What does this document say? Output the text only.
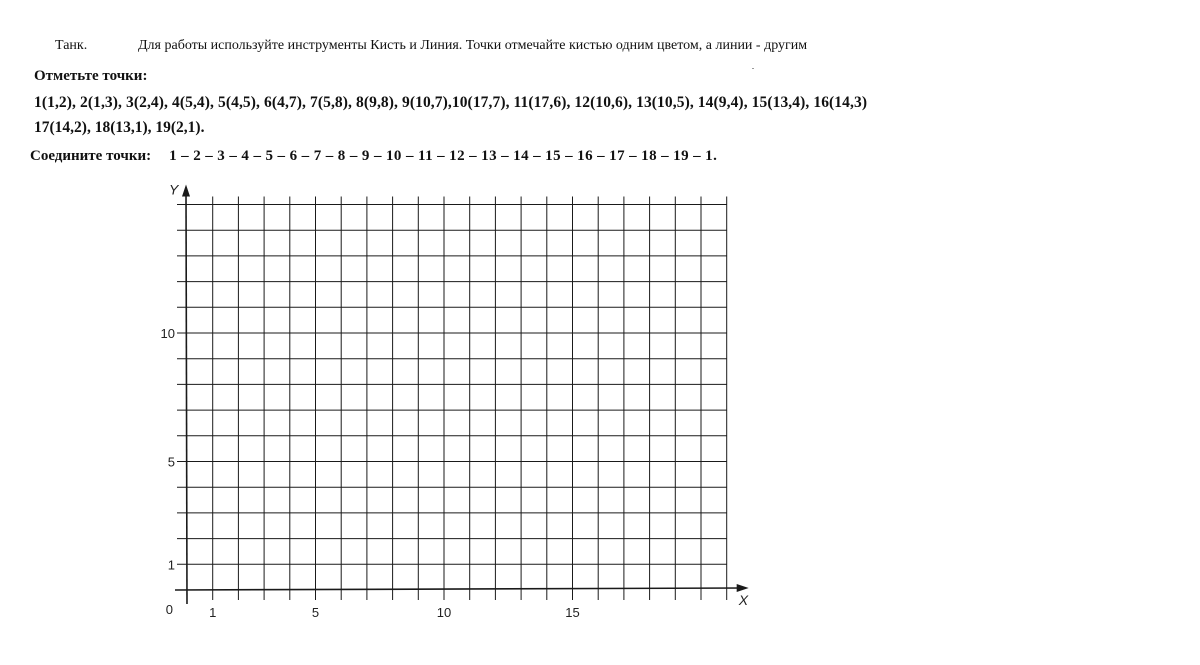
Танк.	Для работы используйте инструменты Кисть и Линия. Точки отмечайте кистью одним цветом, а линии - другим
Отметьте точки:
1(1,2), 2(1,3), 3(2,4), 4(5,4), 5(4,5), 6(4,7), 7(5,8), 8(9,8), 9(10,7),10(17,7), 11(17,6), 12(10,6), 13(10,5), 14(9,4), 15(13,4), 16(14,3)
17(14,2), 18(13,1), 19(2,1).
Соедините точки: 1 – 2 – 3 – 4 – 5 – 6 – 7 – 8 – 9 – 10 – 11 – 12 – 13 – 14 – 15 – 16 – 17 – 18 – 19 – 1.
1	5	10	15
1
5
10
0
X
Y
